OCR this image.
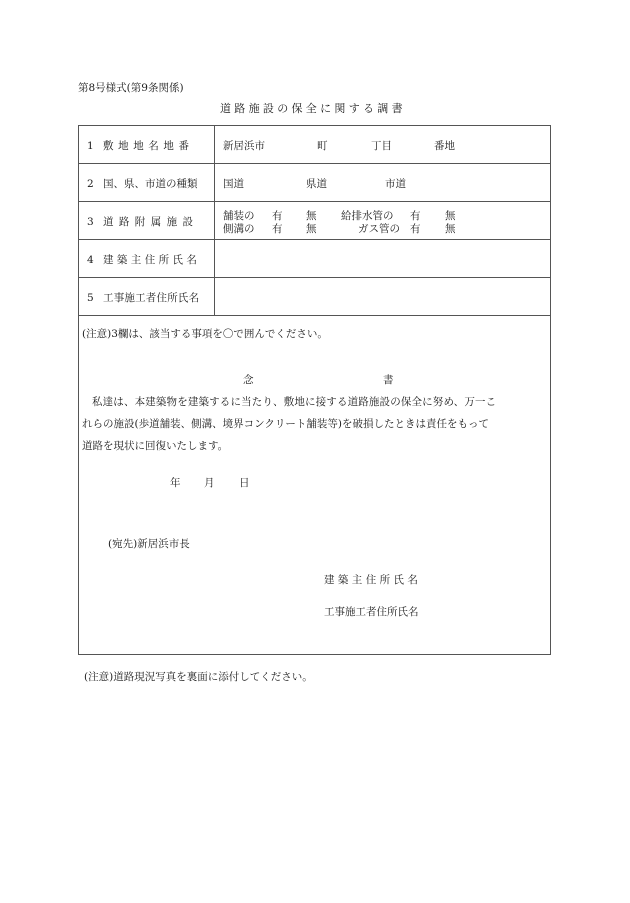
第8号様式(第9条関係)
道路施設の保全に関する調書
1 敷地地名地番	新居浜市	町	丁目	番地
2 国、県、市道の種類	国道	県道	市道
3 道路附属施設	舗装の 有 無 給排水管の 有 無
側溝の 有 無	ガス管の 有 無
4 建築主住所氏名
5 工事施工者住所氏名
(注意)3欄は、該当する事項を〇で囲んでください。
念	書
私達は、本建築物を建築するに当たり、敷地に接する道路施設の保全に努め、万一こ
れらの施設(歩道舗装、側溝、境界コンクリート舗装等)を破損したときは責任をもって
道路を現状に回復いたします。
年 月 日
(宛先)新居浜市長
建築主住所氏名
工事施工者住所氏名
(注意)道路現況写真を裏面に添付してください。
